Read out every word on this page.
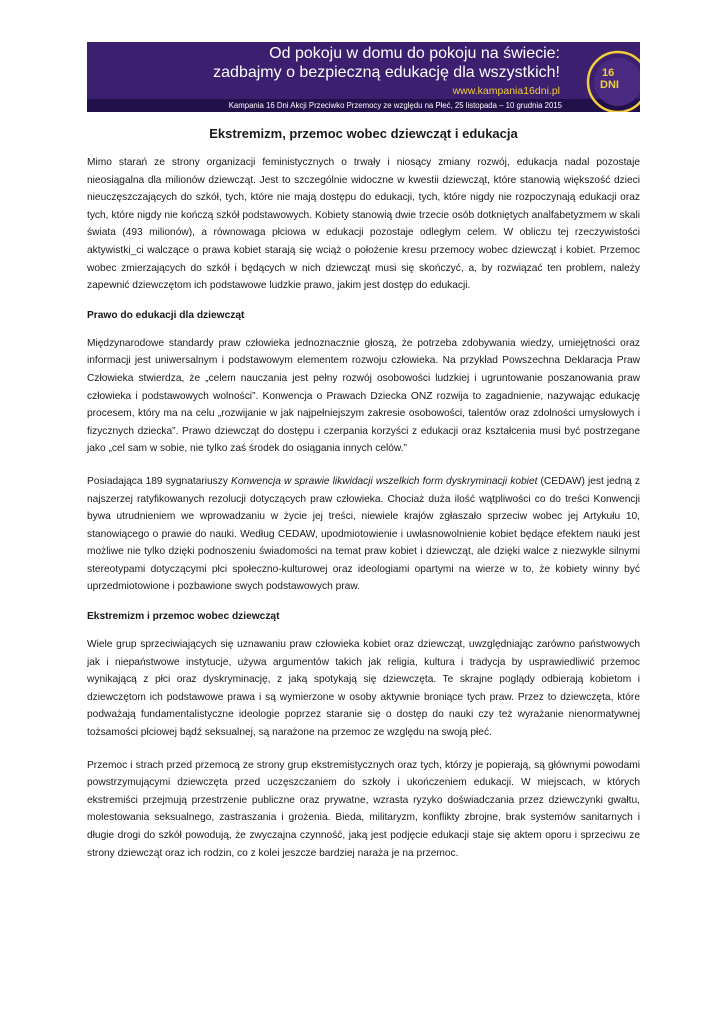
Od pokoju w domu do pokoju na świecie:
zadbajmy o bezpieczną edukację dla wszystkich!
www.kampania16dni.pl
Kampania 16 Dni Akcji Przeciwko Przemocy ze względu na Płeć, 25 listopada – 10 grudnia 2015
16
DNI
Ekstremizm, przemoc wobec dziewcząt i edukacja

Mimo starań ze strony organizacji feministycznych o trwały i niosący zmiany rozwój, edukacja nadal pozostaje nieosiągalna dla milionów dziewcząt. Jest to szczególnie widoczne w kwestii dziewcząt, które stanowią większość dzieci nieuczęszczających do szkół, tych, które nie mają dostępu do edukacji, tych, które nigdy nie rozpoczynają edukacji oraz tych, które nigdy nie kończą szkół podstawowych. Kobiety stanowią dwie trzecie osób dotkniętych analfabetyzmem w skali świata (493 milionów), a równowaga płciowa w edukacji pozostaje odległym celem. W obliczu tej rzeczywistości aktywistki_ci walczące o prawa kobiet starają się wciąż o położenie kresu przemocy wobec dziewcząt i kobiet. Przemoc wobec zmierzających do szkół i będących w nich dziewcząt musi się skończyć, a, by rozwiązać ten problem, należy zapewnić dziewczętom ich podstawowe ludzkie prawo, jakim jest dostęp do edukacji.

Prawo do edukacji dla dziewcząt

Międzynarodowe standardy praw człowieka jednoznacznie głoszą, że potrzeba zdobywania wiedzy, umiejętności oraz informacji jest uniwersalnym i podstawowym elementem rozwoju człowieka. Na przykład Powszechna Deklaracja Praw Człowieka stwierdza, że „celem nauczania jest pełny rozwój osobowości ludzkiej i ugruntowanie poszanowania praw człowieka i podstawowych wolności”. Konwencja o Prawach Dziecka ONZ rozwija to zagadnienie, nazywając edukację procesem, który ma na celu „rozwijanie w jak najpełniejszym zakresie osobowości, talentów oraz zdolności umysłowych i fizycznych dziecka”. Prawo dziewcząt do dostępu i czerpania korzyści z edukacji oraz kształcenia musi być postrzegane jako „cel sam w sobie, nie tylko zaś środek do osiągania innych celów.”

Posiadająca 189 sygnatariuszy Konwencja w sprawie likwidacji wszelkich form dyskryminacji kobiet (CEDAW) jest jedną z najszerzej ratyfikowanych rezolucji dotyczących praw człowieka. Chociaż duża ilość wątpliwości co do treści Konwencji bywa utrudnieniem we wprowadzaniu w życie jej treści, niewiele krajów zgłaszało sprzeciw wobec jej Artykułu 10, stanowiącego o prawie do nauki. Według CEDAW, upodmiotowienie i uwłasnowolnienie kobiet będące efektem nauki jest możliwe nie tylko dzięki podnoszeniu świadomości na temat praw kobiet i dziewcząt, ale dzięki walce z niezwykle silnymi stereotypami dotyczącymi płci społeczno-kulturowej oraz ideologiami opartymi na wierze w to, że kobiety winny być uprzedmiotowione i pozbawione swych podstawowych praw.

Ekstremizm i przemoc wobec dziewcząt

Wiele grup sprzeciwiających się uznawaniu praw człowieka kobiet oraz dziewcząt, uwzględniając zarówno państwowych jak i niepaństwowe instytucje, używa argumentów takich jak religia, kultura i tradycja by usprawiedliwić przemoc wynikającą z płci oraz dyskryminację, z jaką spotykają się dziewczęta. Te skrajne poglądy odbierają kobietom i dziewczętom ich podstawowe prawa i są wymierzone w osoby aktywnie broniące tych praw. Przez to dziewczęta, które podważają fundamentalistyczne ideologie poprzez staranie się o dostęp do nauki czy też wyrażanie nienormatywnej tożsamości płciowej bądź seksualnej, są narażone na przemoc ze względu na swoją płeć.

Przemoc i strach przed przemocą ze strony grup ekstremistycznych oraz tych, którzy je popierają, są głównymi powodami powstrzymującymi dziewczęta przed uczęszczaniem do szkoły i ukończeniem edukacji. W miejscach, w których ekstremiści przejmują przestrzenie publiczne oraz prywatne, wzrasta ryzyko doświadczania przez dziewczynki gwałtu, molestowania seksualnego, zastraszania i grożenia. Bieda, militaryzm, konflikty zbrojne, brak systemów sanitarnych i długie drogi do szkół powodują, że zwyczajna czynność, jaką jest podjęcie edukacji staje się aktem oporu i sprzeciwu ze strony dziewcząt oraz ich rodzin, co z kolei jeszcze bardziej naraża je na przemoc.
